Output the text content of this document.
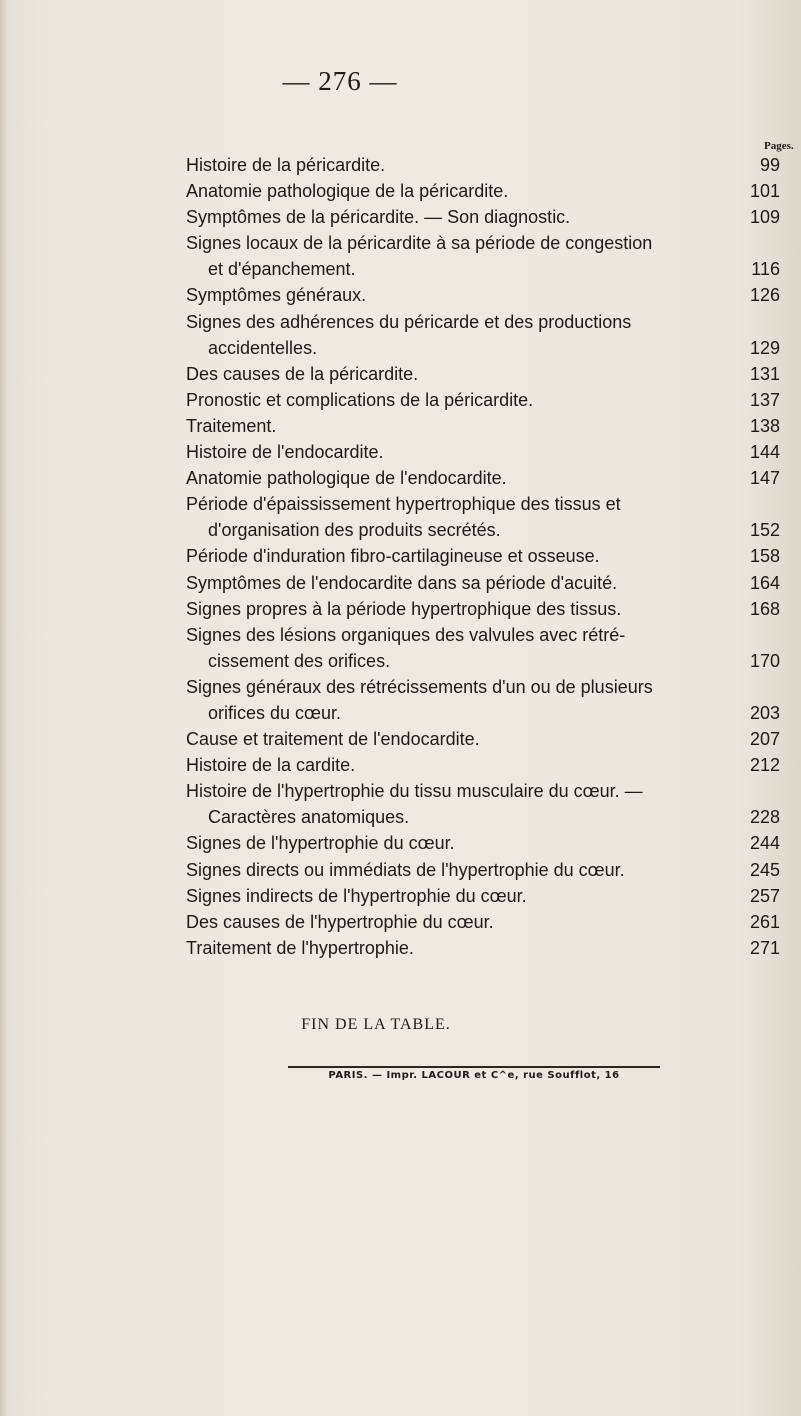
— 276 —
Pages.
Histoire de la péricardite.	99
Anatomie pathologique de la péricardite.	101
Symptômes de la péricardite. — Son diagnostic.	109
Signes locaux de la péricardite à sa période de congestion
et d'épanchement.	116
Symptômes généraux.	126
Signes des adhérences du péricarde et des productions
accidentelles.	129
Des causes de la péricardite.	131
Pronostic et complications de la péricardite.	137
Traitement.	138
Histoire de l'endocardite.	144
Anatomie pathologique de l'endocardite.	147
Période d'épaississement hypertrophique des tissus et
d'organisation des produits secrétés.	152
Période d'induration fibro-cartilagineuse et osseuse.	158
Symptômes de l'endocardite dans sa période d'acuité.	164
Signes propres à la période hypertrophique des tissus.	168
Signes des lésions organiques des valvules avec rétré-
cissement des orifices.	170
Signes généraux des rétrécissements d'un ou de plusieurs
orifices du cœur.	203
Cause et traitement de l'endocardite.	207
Histoire de la cardite.	212
Histoire de l'hypertrophie du tissu musculaire du cœur. —
Caractères anatomiques.	228
Signes de l'hypertrophie du cœur.	244
Signes directs ou immédiats de l'hypertrophie du cœur.	245
Signes indirects de l'hypertrophie du cœur.	257
Des causes de l'hypertrophie du cœur.	261
Traitement de l'hypertrophie.	271
FIN DE LA TABLE.
PARIS. — Impr. LACOUR et C^e, rue Soufflot, 16
